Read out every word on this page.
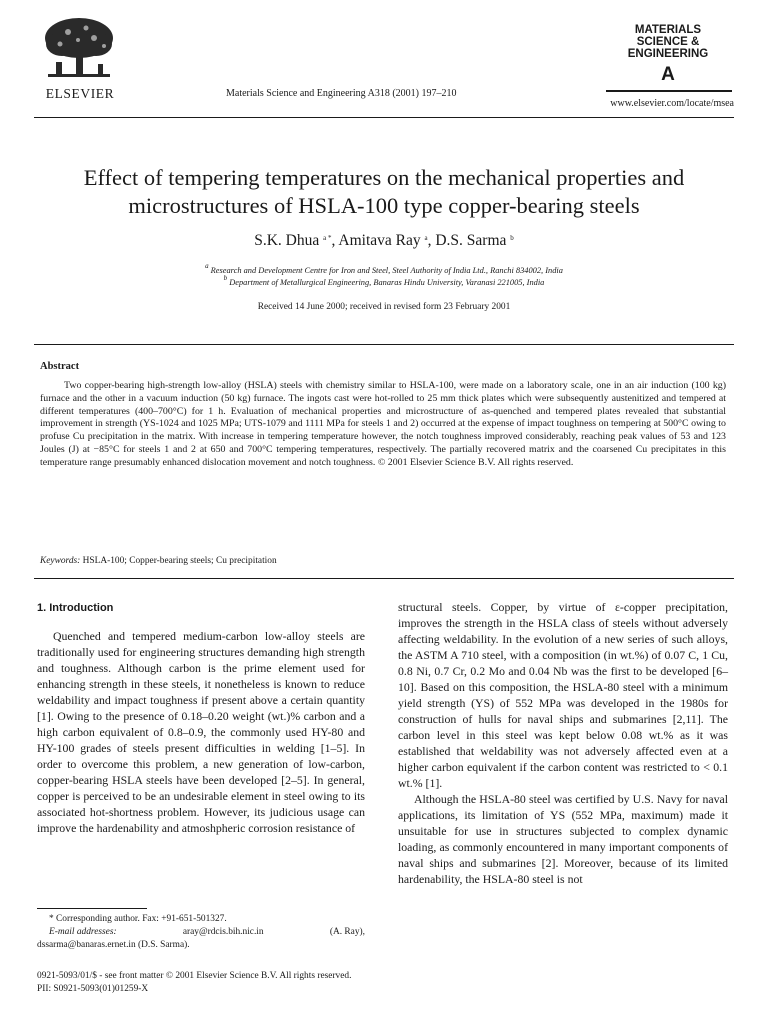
ELSEVIER	Materials Science and Engineering A318 (2001) 197–210
MATERIALS
SCIENCE &
ENGINEERING
A
www.elsevier.com/locate/msea
Effect of tempering temperatures on the mechanical properties and
microstructures of HSLA-100 type copper-bearing steels
S.K. Dhua $^{a *}$, Amitava Ray $^a$, D.S. Sarma $^b$
$^a$ Research and Development Centre for Iron and Steel, Steel Authority of India Ltd., Ranchi 834002, India
$^b$ Department of Metallurgical Engineering, Banaras Hindu University, Varanasi 221005, India
Received 14 June 2000; received in revised form 23 February 2001
Abstract
Two copper-bearing high-strength low-alloy (HSLA) steels with chemistry similar to HSLA-100, were made on a laboratory scale, one in an air induction (100 kg) furnace and the other in a vacuum induction (50 kg) furnace. The ingots cast were hot-rolled to 25 mm thick plates which were subsequently austenitized and tempered at different temperatures (400–700°C) for 1 h. Evaluation of mechanical properties and microstructure of as-quenched and tempered plates revealed that substantial improvement in strength (YS-1024 and 1025 MPa; UTS-1079 and 1111 MPa for steels 1 and 2) occurred at the expense of impact toughness on tempering at 500°C owing to profuse Cu precipitation in the matrix. With increase in tempering temperature however, the notch toughness improved considerably, reaching peak values of 53 and 123 Joules (J) at −85°C for steels 1 and 2 at 650 and 700°C tempering temperatures, respectively. The partially recovered matrix and the coarsened Cu precipitates in this temperature range presumably enhanced dislocation movement and notch toughness. © 2001 Elsevier Science B.V. All rights reserved.
Keywords: HSLA-100; Copper-bearing steels; Cu precipitation
1. Introduction

Quenched and tempered medium-carbon low-alloy steels are traditionally used for engineering structures demanding high strength and toughness. Although carbon is the prime element used for enhancing strength in these steels, it nonetheless is known to reduce weldability and impact toughness if present above a certain quantity [1]. Owing to the presence of 0.18–0.20 weight (wt.)% carbon and a high carbon equivalent of 0.8–0.9, the commonly used HY-80 and HY-100 grades of steels present difficulties in welding [1–5]. In order to overcome this problem, a new generation of low-carbon, copper-bearing HSLA steels have been developed [2–5]. In general, copper is perceived to be an undesirable element in steel owing to its associated hot-shortness problem. However, its judicious usage can improve the hardenability and atmoshpheric corrosion resistance of

structural steels. Copper, by virtue of ε-copper precipitation, improves the strength in the HSLA class of steels without adversely affecting weldability. In the evolution of a new series of such alloys, the ASTM A 710 steel, with a composition (in wt.%) of 0.07 C, 1 Cu, 0.8 Ni, 0.7 Cr, 0.2 Mo and 0.04 Nb was the first to be developed [6–10]. Based on this composition, the HSLA-80 steel with a minimum yield strength (YS) of 552 MPa was developed in the 1980s for construction of hulls for naval ships and submarines [2,11]. The carbon level in this steel was kept below 0.08 wt.% as it was established that weldability was not adversely affected even at a higher carbon equivalent if the carbon content was restricted to < 0.1 wt.% [1].

Although the HSLA-80 steel was certified by U.S. Navy for naval applications, its limitation of YS (552 MPa, maximum) made it unsuitable for use in structures subjected to complex dynamic loading, as commonly encountered in many important components of naval ships and submarines [2]. Moreover, because of its limited hardenability, the HSLA-80 steel is not

* Corresponding author. Fax: +91-651-501327.

E-mail addresses:	aray@rdcis.bih.nic.in	(A. Ray),

dssarma@banaras.ernet.in (D.S. Sarma).

0921-5093/01/$ - see front matter © 2001 Elsevier Science B.V. All rights reserved.

PII: S0921-5093(01)01259-X
